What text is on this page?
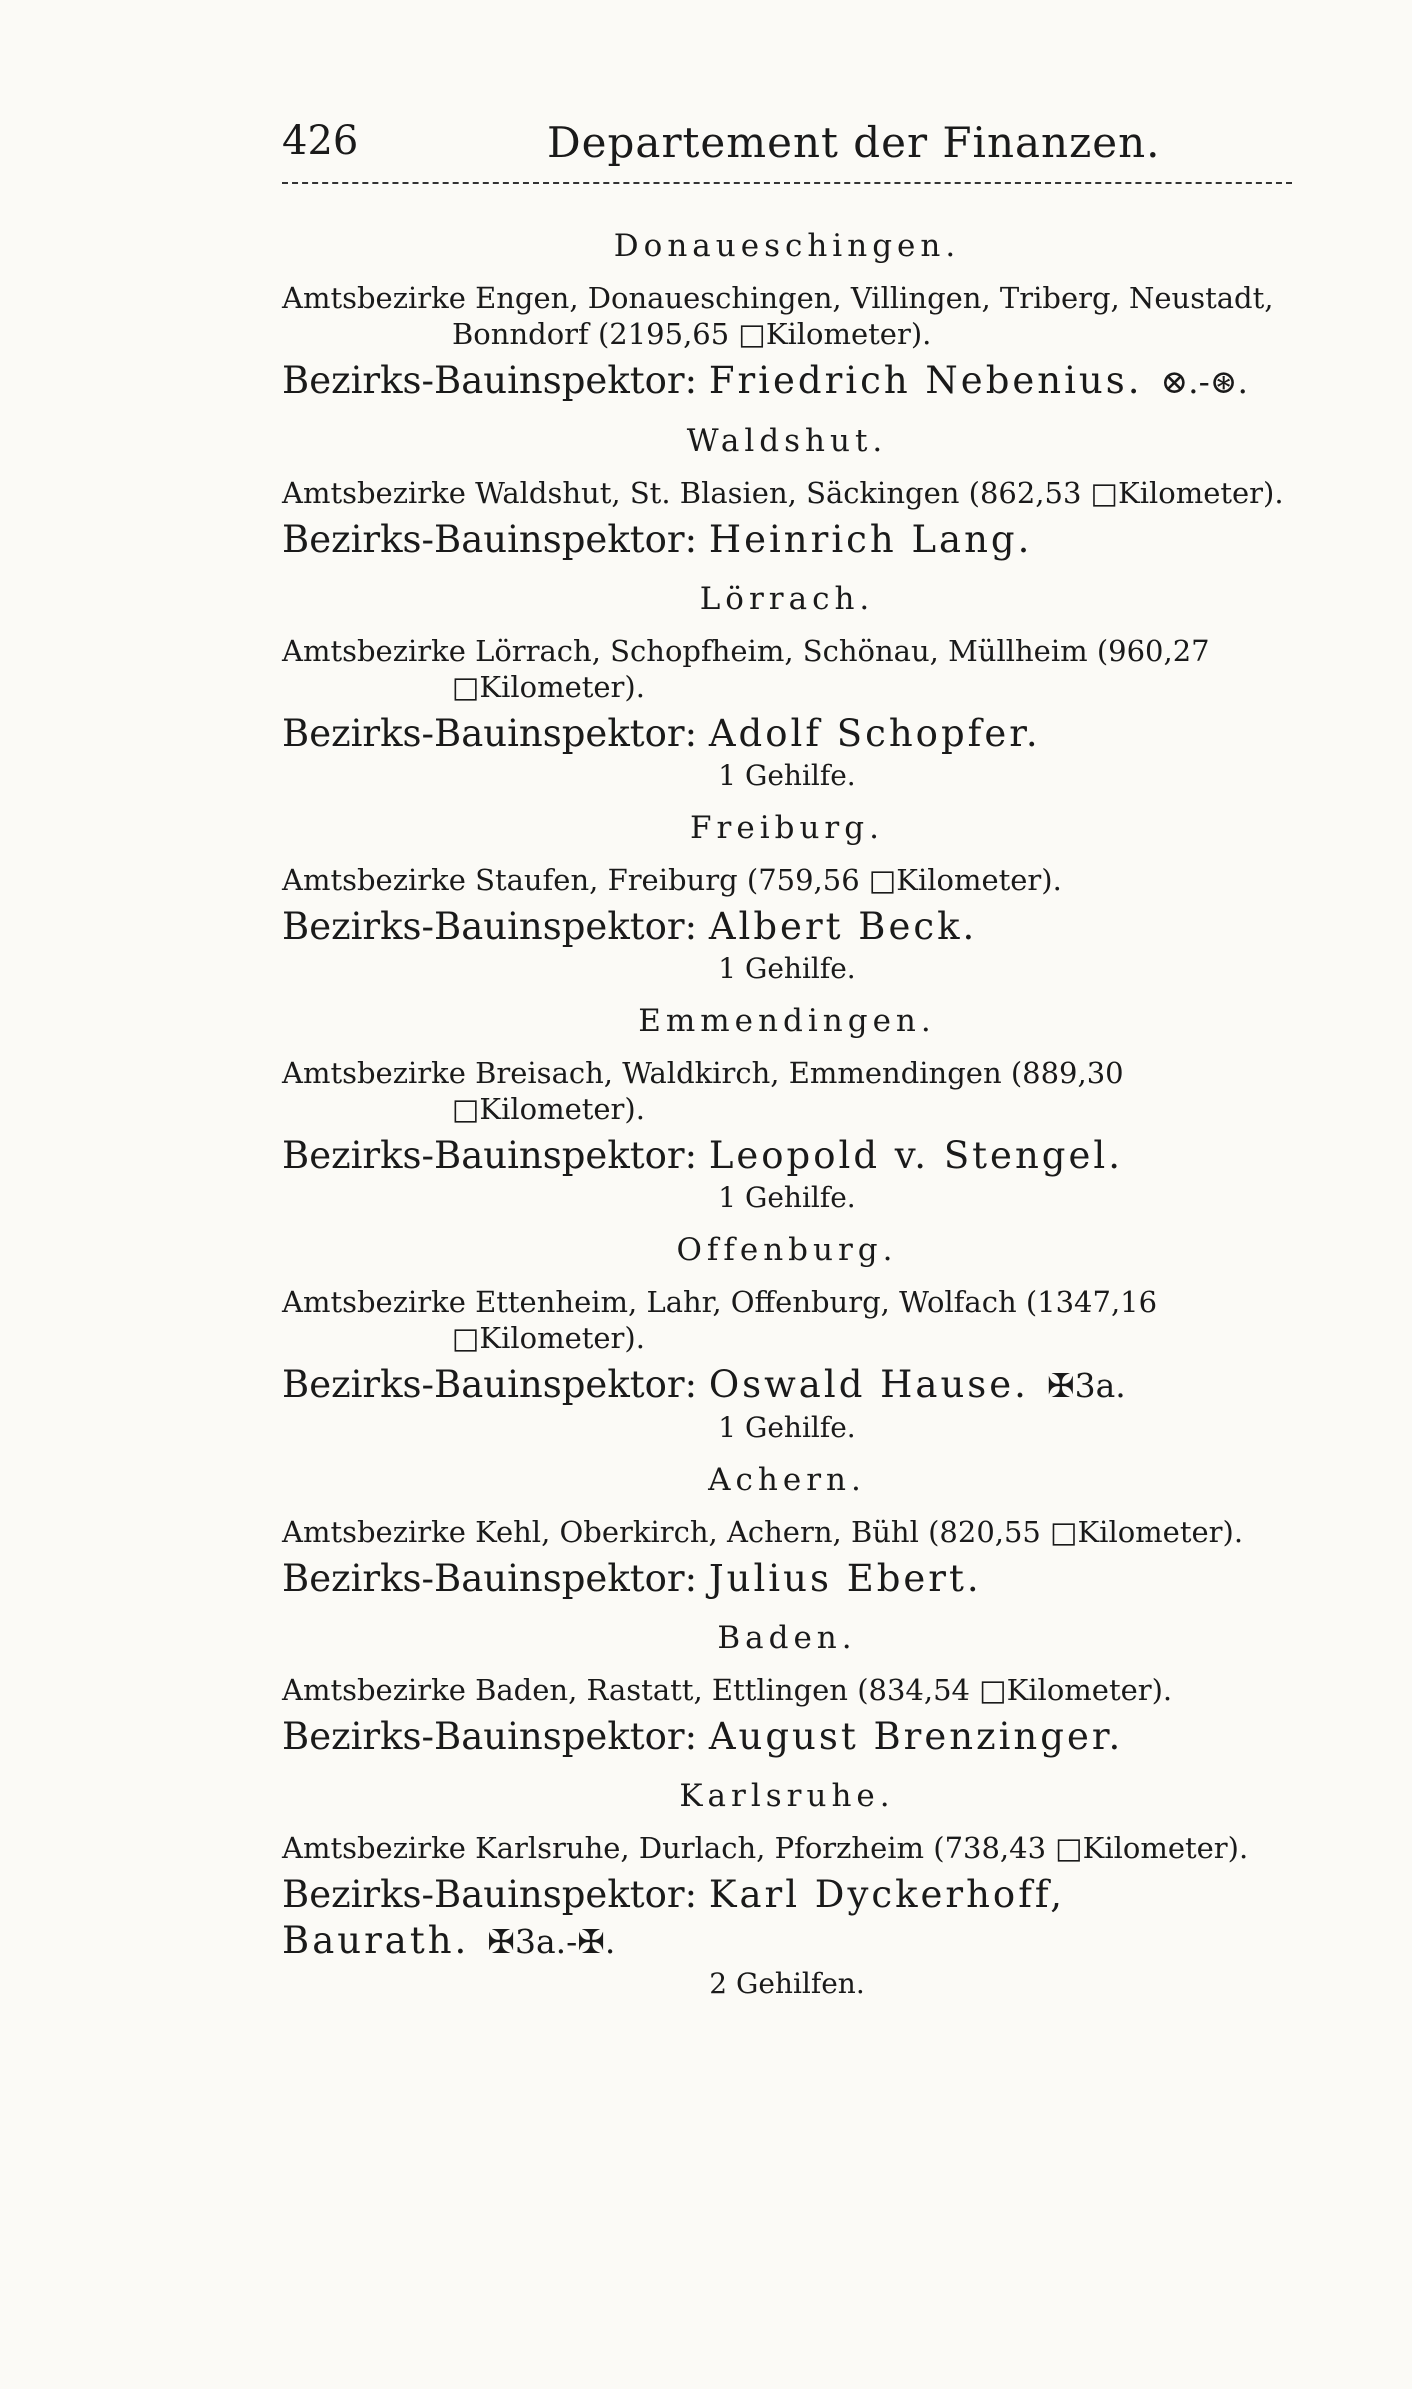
426	Departement der Finanzen.
Donaueschingen.
Amtsbezirke Engen, Donaueschingen, Villingen, Triberg, Neustadt, Bonndorf (2195,65 □Kilometer).
Bezirks-Bauinspektor: Friedrich Nebenius. ⊗.-⊛.
Waldshut.
Amtsbezirke Waldshut, St. Blasien, Säckingen (862,53 □Kilometer).
Bezirks-Bauinspektor: Heinrich Lang.
Lörrach.
Amtsbezirke Lörrach, Schopfheim, Schönau, Müllheim (960,27 □Kilometer).
Bezirks-Bauinspektor: Adolf Schopfer.
1 Gehilfe.
Freiburg.
Amtsbezirke Staufen, Freiburg (759,56 □Kilometer).
Bezirks-Bauinspektor: Albert Beck.
1 Gehilfe.
Emmendingen.
Amtsbezirke Breisach, Waldkirch, Emmendingen (889,30 □Kilometer).
Bezirks-Bauinspektor: Leopold v. Stengel.
1 Gehilfe.
Offenburg.
Amtsbezirke Ettenheim, Lahr, Offenburg, Wolfach (1347,16 □Kilometer).
Bezirks-Bauinspektor: Oswald Hause. ✠3a.
1 Gehilfe.
Achern.
Amtsbezirke Kehl, Oberkirch, Achern, Bühl (820,55 □Kilometer).
Bezirks-Bauinspektor: Julius Ebert.
Baden.
Amtsbezirke Baden, Rastatt, Ettlingen (834,54 □Kilometer).
Bezirks-Bauinspektor: August Brenzinger.
Karlsruhe.
Amtsbezirke Karlsruhe, Durlach, Pforzheim (738,43 □Kilometer).
Bezirks-Bauinspektor: Karl Dyckerhoff, Baurath. ✠3a.-✠.
2 Gehilfen.
